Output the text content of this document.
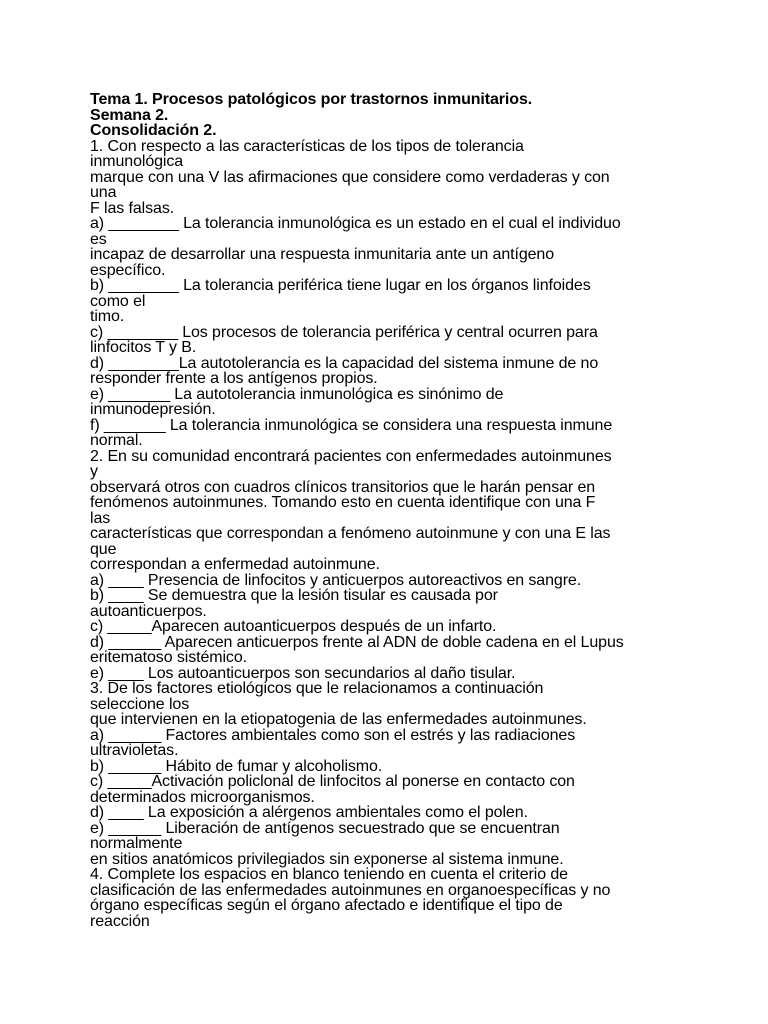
Tema 1. Procesos patológicos por trastornos inmunitarios.
Semana 2.
Consolidación 2.
1. Con respecto a las características de los tipos de tolerancia
inmunológica
marque con una V las afirmaciones que considere como verdaderas y con
una
F las falsas.
a) ________ La tolerancia inmunológica es un estado en el cual el individuo
es
incapaz de desarrollar una respuesta inmunitaria ante un antígeno
específico.
b) ________ La tolerancia periférica tiene lugar en los órganos linfoides
como el
timo.
c) ________ Los procesos de tolerancia periférica y central ocurren para
linfocitos T y B.
d) ________La autotolerancia es la capacidad del sistema inmune de no
responder frente a los antígenos propios.
e) _______ La autotolerancia inmunológica es sinónimo de
inmunodepresión.
f) _______ La tolerancia inmunológica se considera una respuesta inmune
normal.
2. En su comunidad encontrará pacientes con enfermedades autoinmunes
y
observará otros con cuadros clínicos transitorios que le harán pensar en
fenómenos autoinmunes. Tomando esto en cuenta identifique con una F
las
características que correspondan a fenómeno autoinmune y con una E las
que
correspondan a enfermedad autoinmune.
a) ____ Presencia de linfocitos y anticuerpos autoreactivos en sangre.
b) ____ Se demuestra que la lesión tisular es causada por
autoanticuerpos.
c) _____Aparecen autoanticuerpos después de un infarto.
d) ______ Aparecen anticuerpos frente al ADN de doble cadena en el Lupus
eritematoso sistémico.
e) ____ Los autoanticuerpos son secundarios al daño tisular.
3. De los factores etiológicos que le relacionamos a continuación
seleccione los
que intervienen en la etiopatogenia de las enfermedades autoinmunes.
a) ______ Factores ambientales como son el estrés y las radiaciones
ultravioletas.
b) ______ Hábito de fumar y alcoholismo.
c) _____Activación policlonal de linfocitos al ponerse en contacto con
determinados microorganismos.
d) ____ La exposición a alérgenos ambientales como el polen.
e) ______ Liberación de antígenos secuestrado que se encuentran
normalmente
en sitios anatómicos privilegiados sin exponerse al sistema inmune.
4. Complete los espacios en blanco teniendo en cuenta el criterio de
clasificación de las enfermedades autoinmunes en organoespecíficas y no
órgano específicas según el órgano afectado e identifique el tipo de
reacción
